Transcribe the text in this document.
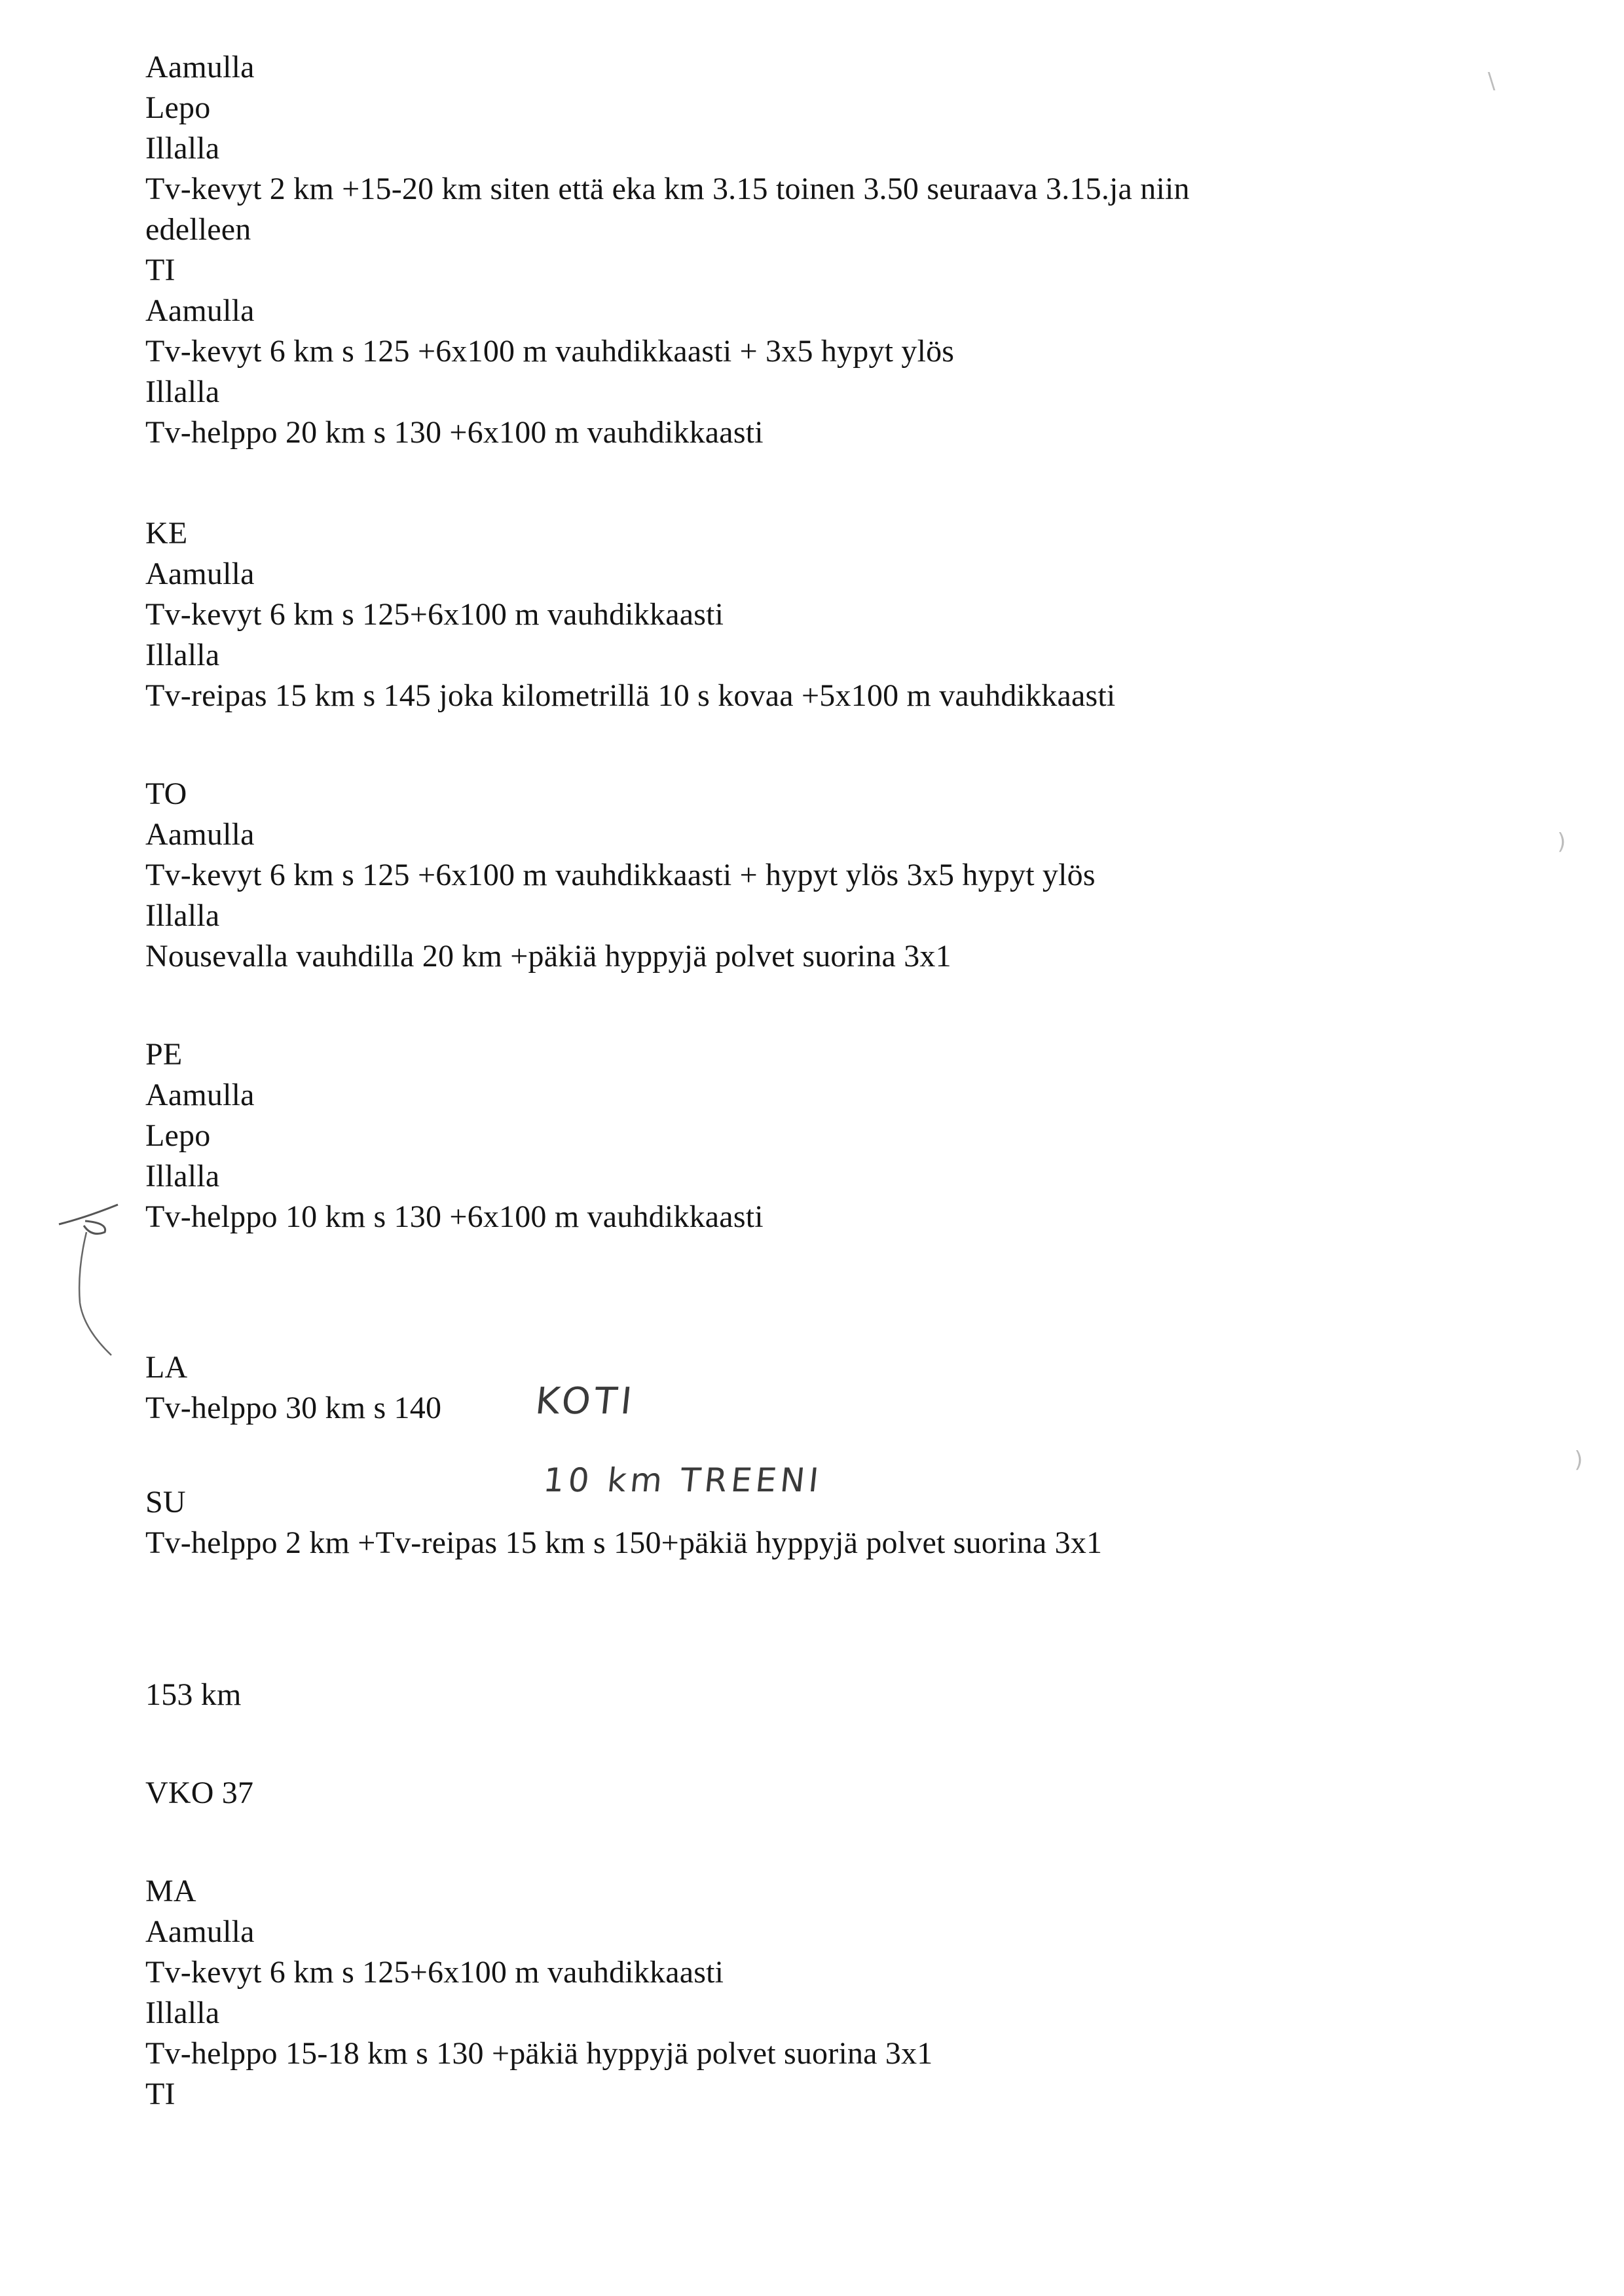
Aamulla
Lepo
Illalla
Tv-kevyt 2 km +15-20 km siten että eka km 3.15 toinen 3.50 seuraava 3.15.ja niin
edelleen
TI
Aamulla
Tv-kevyt 6 km s 125 +6x100 m vauhdikkaasti + 3x5 hypyt ylös
Illalla
Tv-helppo 20 km s 130 +6x100 m vauhdikkaasti
KE
Aamulla
Tv-kevyt 6 km s 125+6x100 m vauhdikkaasti
Illalla
Tv-reipas 15 km s 145 joka kilometrillä 10 s kovaa +5x100 m vauhdikkaasti
TO
Aamulla
Tv-kevyt 6 km s 125 +6x100 m vauhdikkaasti + hypyt ylös 3x5 hypyt ylös
Illalla
Nousevalla vauhdilla 20 km +päkiä hyppyjä polvet suorina 3x1
PE
Aamulla
Lepo
Illalla
Tv-helppo 10 km s 130 +6x100 m vauhdikkaasti
LA
Tv-helppo 30 km s 140
SU
Tv-helppo 2 km +Tv-reipas 15 km s 150+päkiä hyppyjä polvet suorina 3x1
153 km
VKO 37
MA
Aamulla
Tv-kevyt 6 km s 125+6x100 m vauhdikkaasti
Illalla
Tv-helppo 15-18 km s 130 +päkiä hyppyjä polvet suorina 3x1
TI
KOTI
10 km TREENI
\
)
)
